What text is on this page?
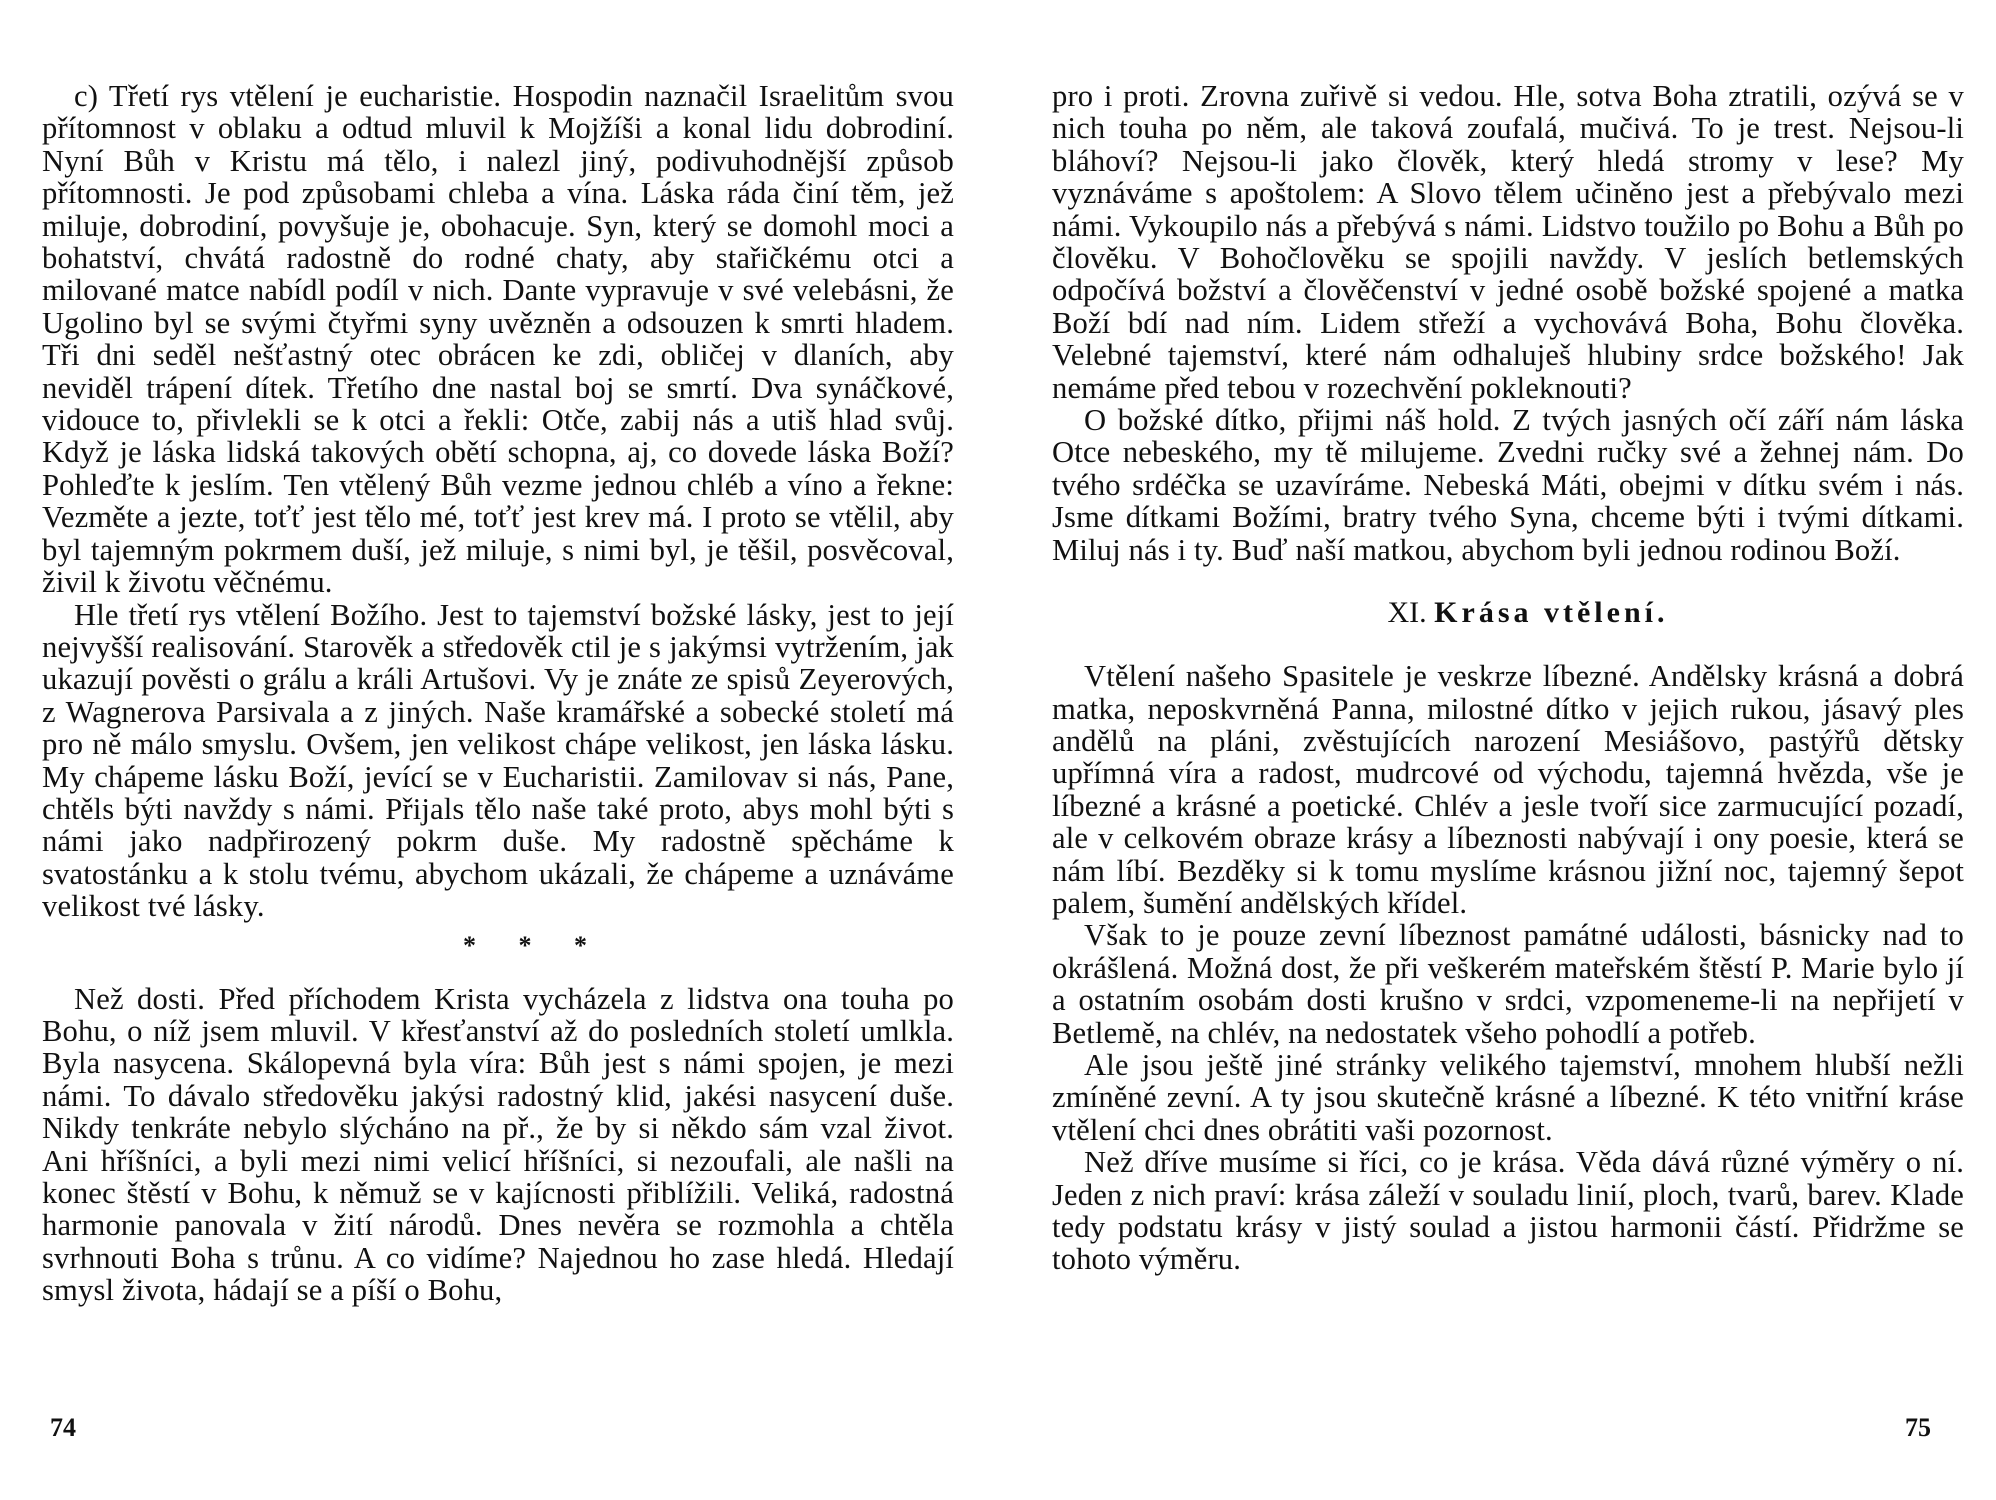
c) Třetí rys vtělení je eucharistie. Hospodin naznačil Israelitům svou přítomnost v oblaku a odtud mluvil k Mojžíši a konal lidu dobrodiní. Nyní Bůh v Kristu má tělo, i nalezl jiný, podivuhodnější způsob přítomnosti. Je pod způsobami chleba a vína. Láska ráda činí těm, jež miluje, dobrodiní, povyšuje je, obohacuje. Syn, který se domohl moci a bohatství, chvátá radostně do rodné chaty, aby stařičkému otci a milované matce nabídl podíl v nich. Dante vypravuje v své velebásni, že Ugolino byl se svými čtyřmi syny uvězněn a odsouzen k smrti hladem. Tři dni seděl nešťastný otec obrácen ke zdi, obličej v dlaních, aby neviděl trápení dítek. Třetího dne nastal boj se smrtí. Dva synáčkové, vidouce to, přivlekli se k otci a řekli: Otče, zabij nás a utiš hlad svůj. Když je láska lidská takových obětí schopna, aj, co dovede láska Boží? Pohleďte k jeslím. Ten vtělený Bůh vezme jednou chléb a víno a řekne: Vezměte a jezte, toťť jest tělo mé, toťť jest krev má. I proto se vtělil, aby byl tajemným pokrmem duší, jež miluje, s nimi byl, je těšil, posvěcoval, živil k životu věčnému.

Hle třetí rys vtělení Božího. Jest to tajemství božské lásky, jest to její nejvyšší realisování. Starověk a středověk ctil je s jakýmsi vytržením, jak ukazují pověsti o grálu a králi Artušovi. Vy je znáte ze spisů Zeyerových, z Wagnerova Parsivala a z jiných. Naše kramářské a sobecké století má pro ně málo smyslu. Ovšem, jen velikost chápe velikost, jen láska lásku. My chápeme lásku Boží, jevící se v Eucharistii. Zamilovav si nás, Pane, chtěls býti navždy s námi. Přijals tělo naše také proto, abys mohl býti s námi jako nadpřirozený pokrm duše. My radostně spěcháme k svatostánku a k stolu tvému, abychom ukázali, že chápeme a uznáváme velikost tvé lásky.

* * *

Než dosti. Před příchodem Krista vycházela z lidstva ona touha po Bohu, o níž jsem mluvil. V křesťanství až do posledních století umlkla. Byla nasycena. Skálopevná byla víra: Bůh jest s námi spojen, je mezi námi. To dávalo středověku jakýsi radostný klid, jakési nasycení duše. Nikdy tenkráte nebylo slýcháno na př., že by si někdo sám vzal život. Ani hříšníci, a byli mezi nimi velicí hříšníci, si nezoufali, ale našli na konec štěstí v Bohu, k němuž se v kajícnosti přiblížili. Veliká, radostná harmonie panovala v žití národů. Dnes nevěra se rozmohla a chtěla svrhnouti Boha s trůnu. A co vidíme? Najednou ho zase hledá. Hledají smysl života, hádají se a píší o Bohu,

pro i proti. Zrovna zuřivě si vedou. Hle, sotva Boha ztratili, ozývá se v nich touha po něm, ale taková zoufalá, mučivá. To je trest. Nejsou-li bláhoví? Nejsou-li jako člověk, který hledá stromy v lese? My vyznáváme s apoštolem: A Slovo tělem učiněno jest a přebývalo mezi námi. Vykoupilo nás a přebývá s námi. Lidstvo toužilo po Bohu a Bůh po člověku. V Bohočlověku se spojili navždy. V jeslích betlemských odpočívá božství a člověčenství v jedné osobě božské spojené a matka Boží bdí nad ním. Lidem střeží a vychovává Boha, Bohu člověka. Velebné tajemství, které nám odhaluješ hlubiny srdce božského! Jak nemáme před tebou v rozechvění pokleknouti?

O božské dítko, přijmi náš hold. Z tvých jasných očí září nám láska Otce nebeského, my tě milujeme. Zvedni ručky své a žehnej nám. Do tvého srdéčka se uzavíráme. Nebeská Máti, obejmi v dítku svém i nás. Jsme dítkami Božími, bratry tvého Syna, chceme býti i tvými dítkami. Miluj nás i ty. Buď naší matkou, abychom byli jednou rodinou Boží.

XI. Krása vtělení.

Vtělení našeho Spasitele je veskrze líbezné. Andělsky krásná a dobrá matka, neposkvrněná Panna, milostné dítko v jejich rukou, jásavý ples andělů na pláni, zvěstujících narození Mesiášovo, pastýřů dětsky upřímná víra a radost, mudrcové od východu, tajemná hvězda, vše je líbezné a krásné a poetické. Chlév a jesle tvoří sice zarmucující pozadí, ale v celkovém obraze krásy a líbeznosti nabývají i ony poesie, která se nám líbí. Bezděky si k tomu myslíme krásnou jižní noc, tajemný šepot palem, šumění andělských křídel.

Však to je pouze zevní líbeznost památné události, básnicky nad to okrášlená. Možná dost, že při veškerém mateřském štěstí P. Marie bylo jí a ostatním osobám dosti krušno v srdci, vzpomeneme-li na nepřijetí v Betlemě, na chlév, na nedostatek všeho pohodlí a potřeb.

Ale jsou ještě jiné stránky velikého tajemství, mnohem hlubší nežli zmíněné zevní. A ty jsou skutečně krásné a líbezné. K této vnitřní kráse vtělení chci dnes obrátiti vaši pozornost.

Než dříve musíme si říci, co je krása. Věda dává různé výměry o ní. Jeden z nich praví: krása záleží v souladu linií, ploch, tvarů, barev. Klade tedy podstatu krásy v jistý soulad a jistou harmonii částí. Přidržme se tohoto výměru.

74	75
